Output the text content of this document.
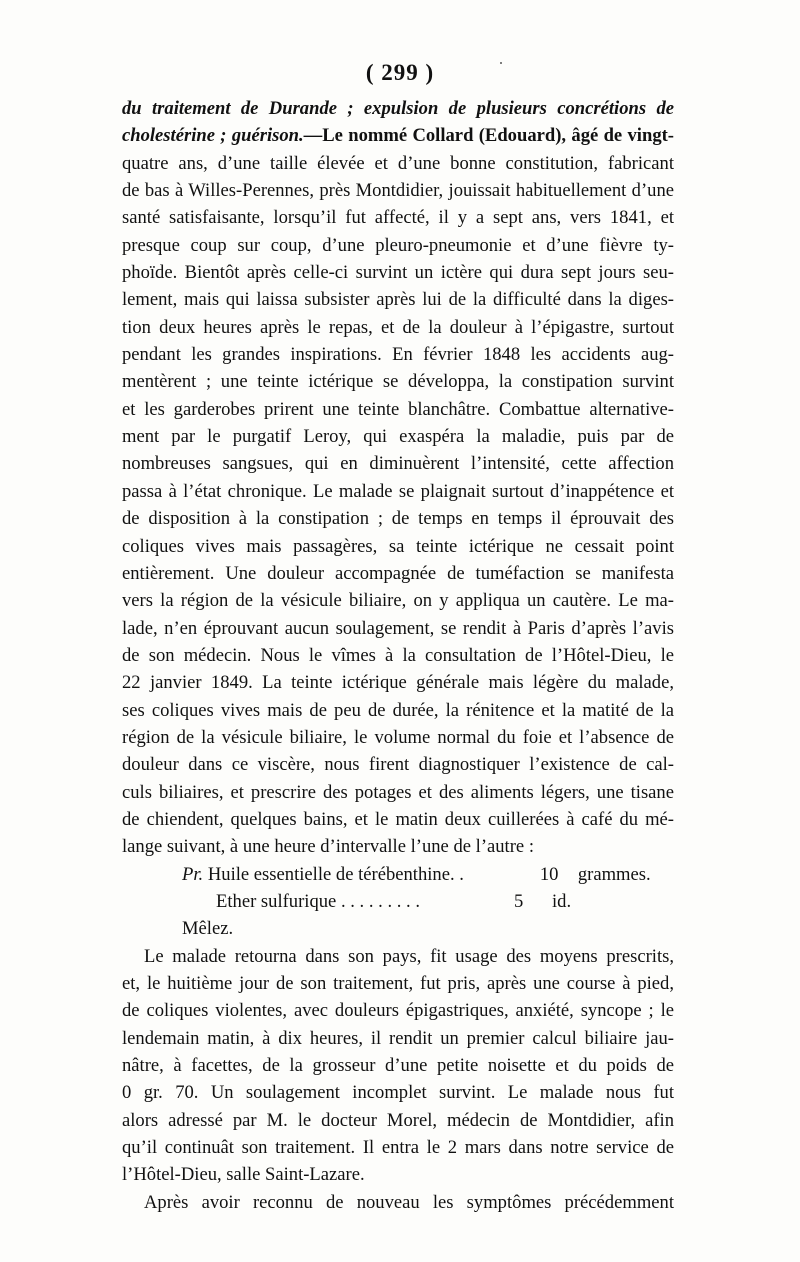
( 299 )
du traitement de Durande ; expulsion de plusieurs concrétions de
cholestérine ; guérison.—Le nommé Collard (Edouard), âgé de vingt-
quatre ans, d’une taille élevée et d’une bonne constitution, fabricant
de bas à Willes-Perennes, près Montdidier, jouissait habituellement d’une
santé satisfaisante, lorsqu’il fut affecté, il y a sept ans, vers 1841, et
presque coup sur coup, d’une pleuro-pneumonie et d’une fièvre ty-
phoïde. Bientôt après celle-ci survint un ictère qui dura sept jours seu-
lement, mais qui laissa subsister après lui de la difficulté dans la diges-
tion deux heures après le repas, et de la douleur à l’épigastre, surtout
pendant les grandes inspirations. En février 1848 les accidents aug-
mentèrent ; une teinte ictérique se développa, la constipation survint
et les garderobes prirent une teinte blanchâtre. Combattue alternative-
ment par le purgatif Leroy, qui exaspéra la maladie, puis par de
nombreuses sangsues, qui en diminuèrent l’intensité, cette affection
passa à l’état chronique. Le malade se plaignait surtout d’inappétence et
de disposition à la constipation ; de temps en temps il éprouvait des
coliques vives mais passagères, sa teinte ictérique ne cessait point
entièrement. Une douleur accompagnée de tuméfaction se manifesta
vers la région de la vésicule biliaire, on y appliqua un cautère. Le ma-
lade, n’en éprouvant aucun soulagement, se rendit à Paris d’après l’avis
de son médecin. Nous le vîmes à la consultation de l’Hôtel-Dieu, le
22 janvier 1849. La teinte ictérique générale mais légère du malade,
ses coliques vives mais de peu de durée, la rénitence et la matité de la
région de la vésicule biliaire, le volume normal du foie et l’absence de
douleur dans ce viscère, nous firent diagnostiquer l’existence de cal-
culs biliaires, et prescrire des potages et des aliments légers, une tisane
de chiendent, quelques bains, et le matin deux cuillerées à café du mé-
lange suivant, à une heure d’intervalle l’une de l’autre :
Pr. Huile essentielle de térébenthine. .	10 grammes.
Ether sulfurique . . . . . . . . .	5 id.
Mêlez.
Le malade retourna dans son pays, fit usage des moyens prescrits,
et, le huitième jour de son traitement, fut pris, après une course à pied,
de coliques violentes, avec douleurs épigastriques, anxiété, syncope ; le
lendemain matin, à dix heures, il rendit un premier calcul biliaire jau-
nâtre, à facettes, de la grosseur d’une petite noisette et du poids de
0 gr. 70. Un soulagement incomplet survint. Le malade nous fut
alors adressé par M. le docteur Morel, médecin de Montdidier, afin
qu’il continuât son traitement. Il entra le 2 mars dans notre service de
l’Hôtel-Dieu, salle Saint-Lazare.
Après avoir reconnu de nouveau les symptômes précédemment
